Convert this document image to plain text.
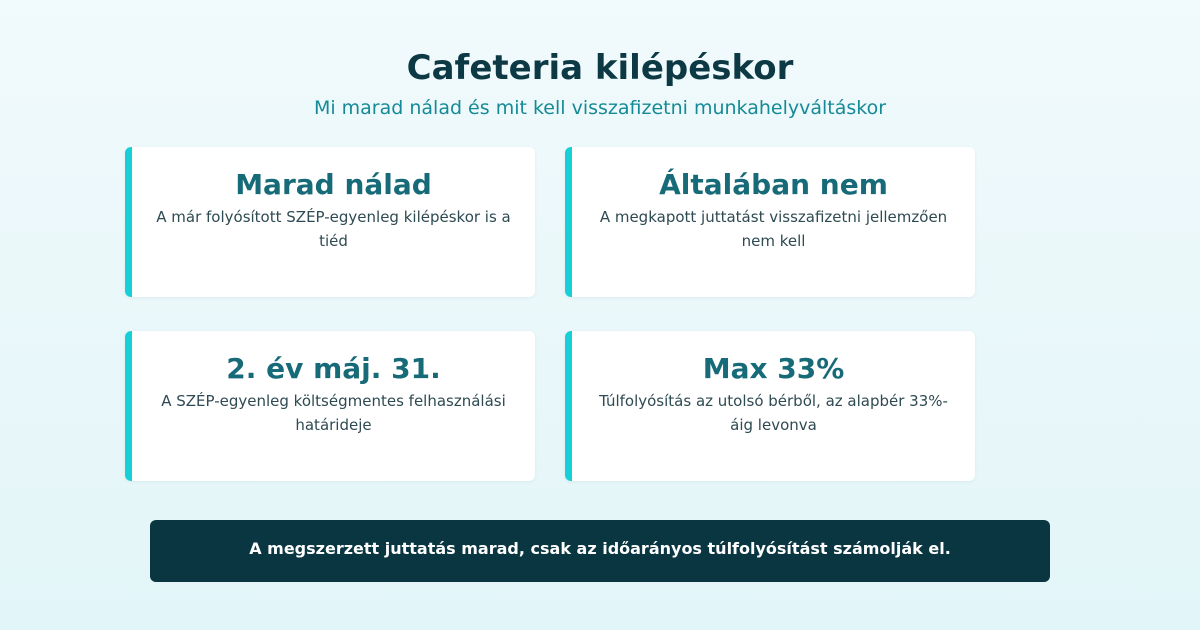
Cafeteria kilépéskor
Mi marad nálad és mit kell visszafizetni munkahelyváltáskor
Marad nálad
A már folyósított SZÉP-egyenleg kilépéskor is a tiéd
Általában nem
A megkapott juttatást visszafizetni jellemzően nem kell
2. év máj. 31.
A SZÉP-egyenleg költségmentes felhasználási határideje
Max 33%
Túlfolyósítás az utolsó bérből, az alapbér 33%-áig levonva
A megszerzett juttatás marad, csak az időarányos túlfolyósítást számolják el.
